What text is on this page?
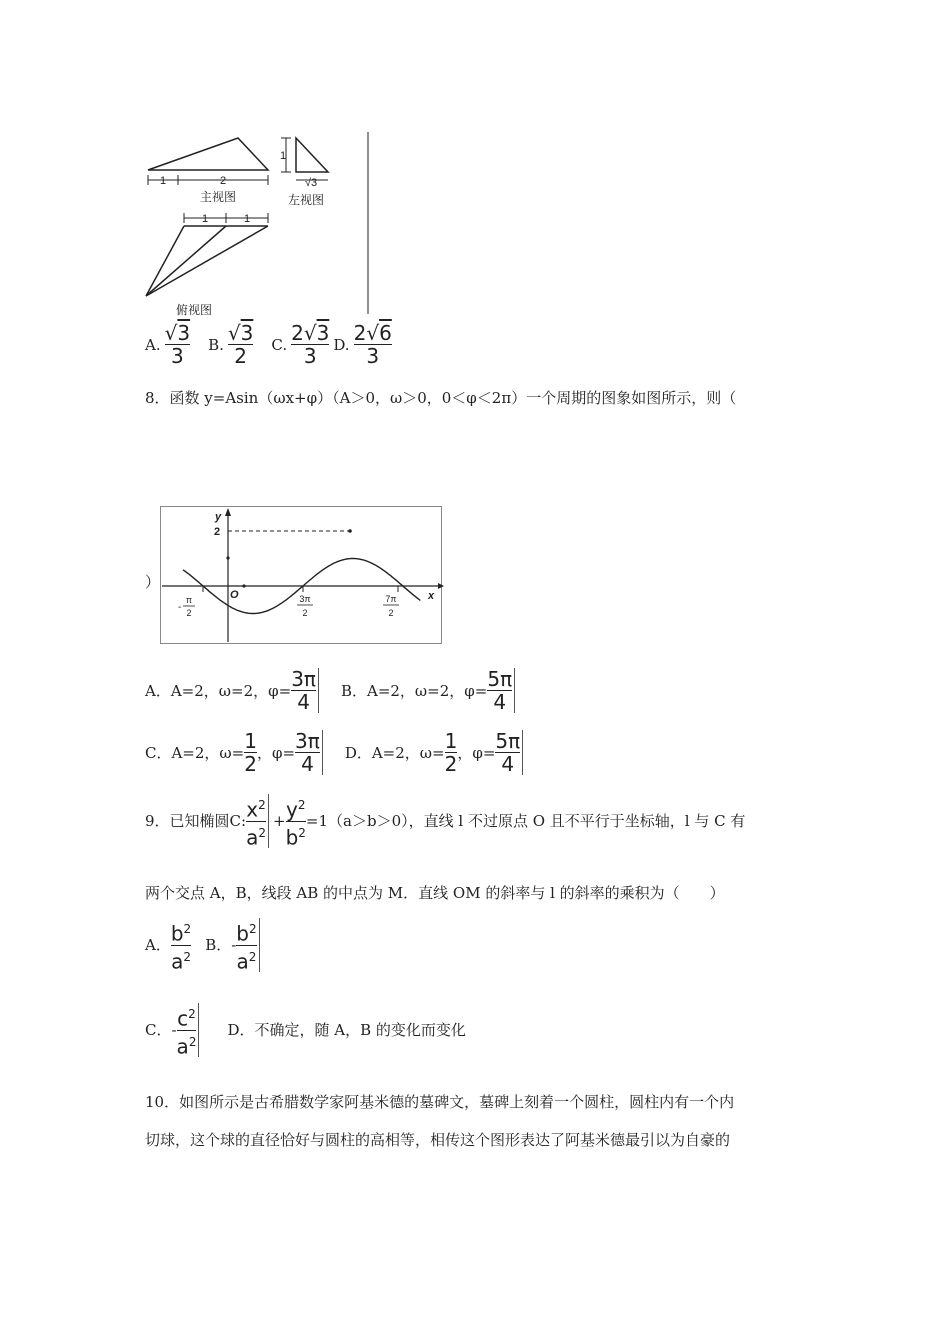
1	2
主视图
1
√3
左视图
1	1
俯视图
A. $\frac{√3}{3} B$. $\frac{√3}{2} C$. $\frac{2√3}{3} D$. $\frac{2√6}{3}$
8．函数 y=Asin（ωx+φ）（A＞0，ω＞0，0＜φ＜2π）一个周期的图象如图所示，则（
）
y
x
O
2
-
π
2
3π
2
7π
2
A．A=2，ω=2，$\varphi= \frac{3\pi}{4}$ B．A=2，ω=2，$\varphi= \frac{5\pi}{4}$
C．A=2，$\omega= \frac{1}{2}$ ，$\varphi= \frac{3\pi}{4}$ D．A=2，$\omega= \frac{1}{2}$ ，$\varphi= \frac{5\pi}{4}$
9．已知椭圆C: $\frac{x^2}{a^2} + \frac{y^2}{b^2} =1(a>b>0)$，直线 l 不过原点 O 且不平行于坐标轴，l 与 C 有
两个交点 A，B，线段 AB 的中点为 M．直线 OM 的斜率与 l 的斜率的乘积为（　　）
A． $\frac{b^2}{a^2}$ B．- $\frac{b^2}{a^2}$
C．- $\frac{c^2}{a^2}$ D．不确定，随 A，B 的变化而变化
10．如图所示是古希腊数学家阿基米德的墓碑文，墓碑上刻着一个圆柱，圆柱内有一个内
切球，这个球的直径恰好与圆柱的高相等，相传这个图形表达了阿基米德最引以为自豪的
